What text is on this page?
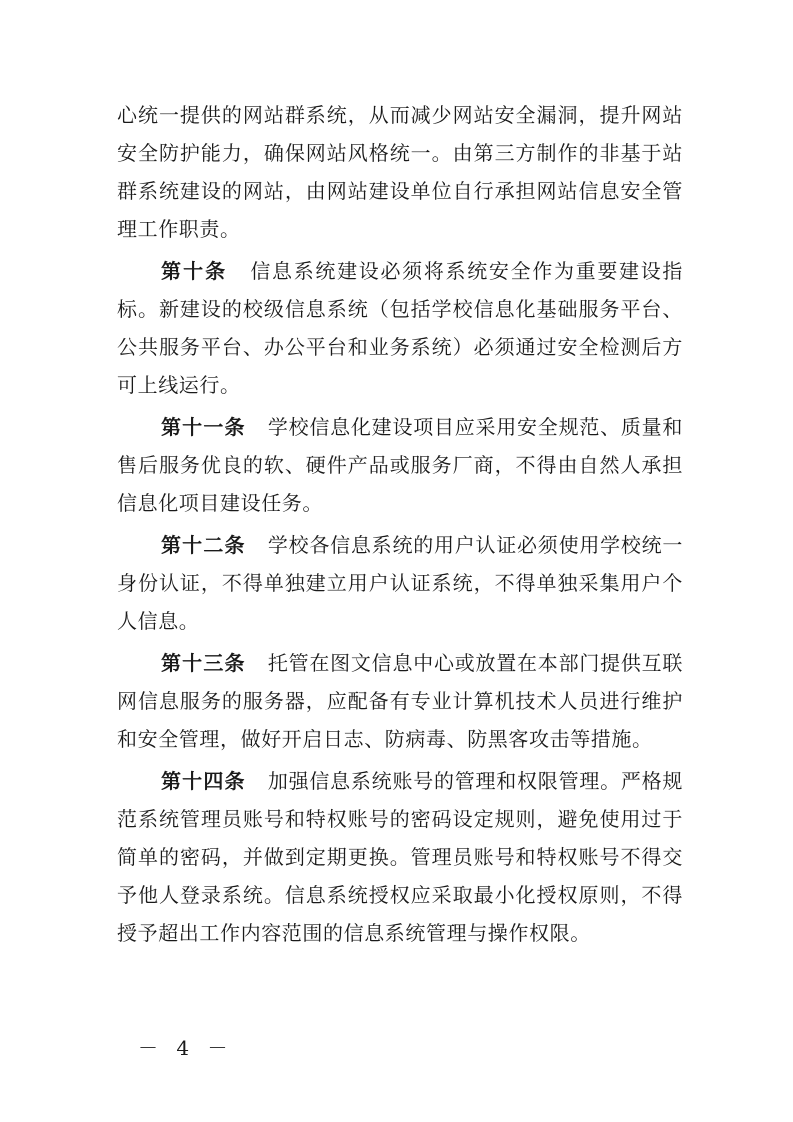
心统一提供的网站群系统，从而减少网站安全漏洞，提升网站安全防护能力，确保网站风格统一。由第三方制作的非基于站群系统建设的网站，由网站建设单位自行承担网站信息安全管理工作职责。

第十条 信息系统建设必须将系统安全作为重要建设指标。新建设的校级信息系统（包括学校信息化基础服务平台、公共服务平台、办公平台和业务系统）必须通过安全检测后方可上线运行。

第十一条 学校信息化建设项目应采用安全规范、质量和售后服务优良的软、硬件产品或服务厂商，不得由自然人承担信息化项目建设任务。

第十二条 学校各信息系统的用户认证必须使用学校统一身份认证，不得单独建立用户认证系统，不得单独采集用户个人信息。

第十三条 托管在图文信息中心或放置在本部门提供互联网信息服务的服务器，应配备有专业计算机技术人员进行维护和安全管理，做好开启日志、防病毒、防黑客攻击等措施。

第十四条 加强信息系统账号的管理和权限管理。严格规范系统管理员账号和特权账号的密码设定规则，避免使用过于简单的密码，并做到定期更换。管理员账号和特权账号不得交予他人登录系统。信息系统授权应采取最小化授权原则，不得授予超出工作内容范围的信息系统管理与操作权限。

－ 4 －
